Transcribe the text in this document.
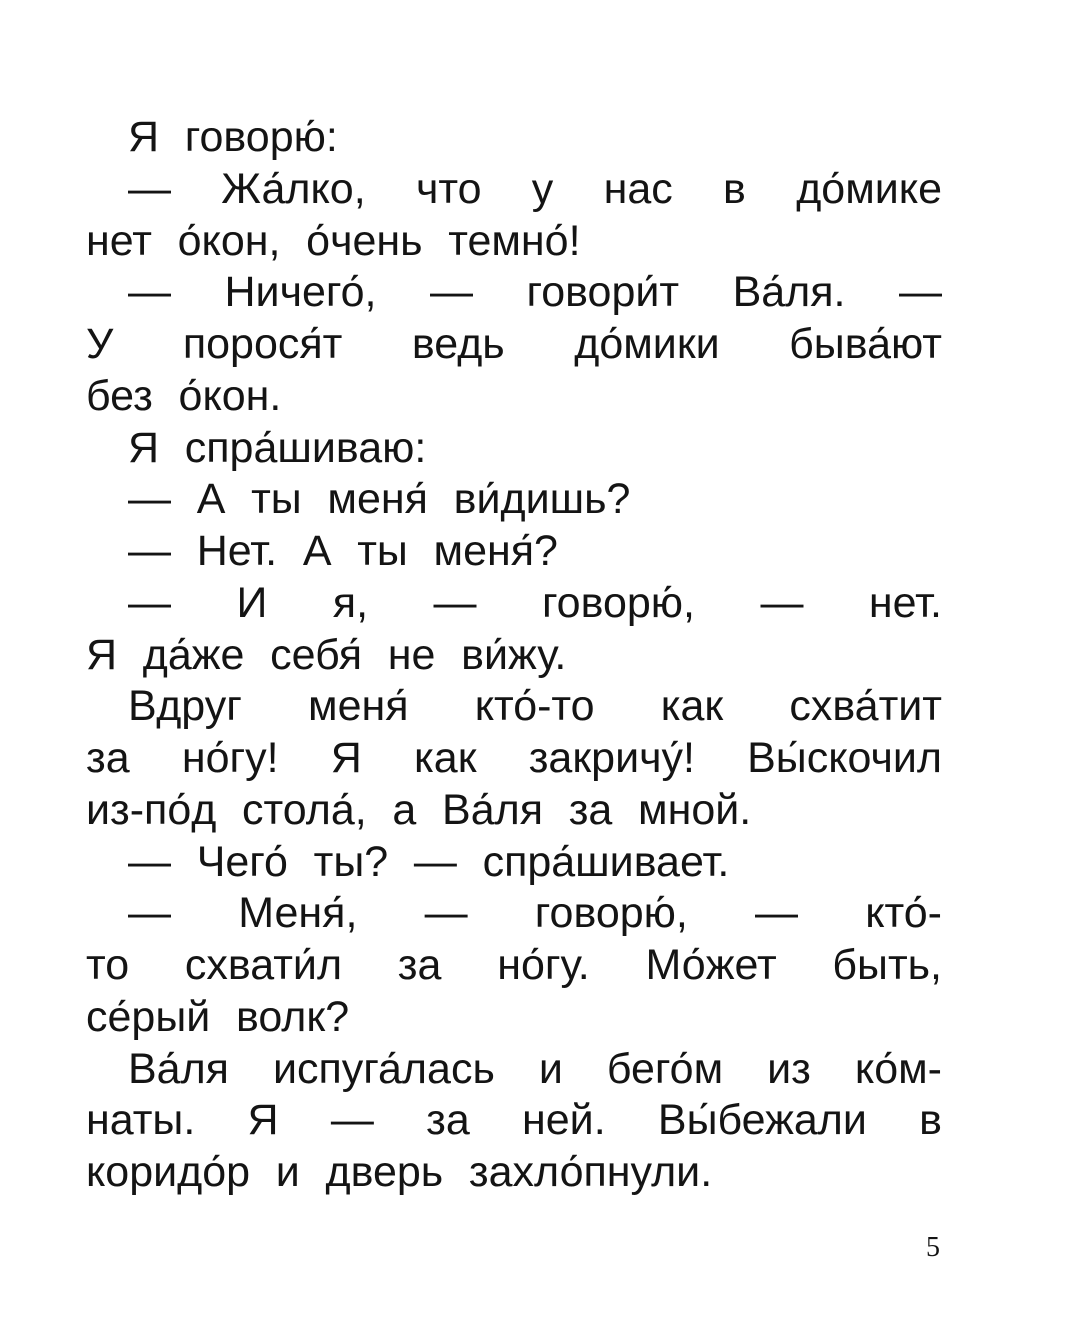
Я говорю́:
— Жа́лко, что у нас в до́мике
нет о́кон, о́чень темно́!
— Ничего́, — говори́т Ва́ля. —
У порося́т ведь до́мики быва́ют
без о́кон.
Я спра́шиваю:
— А ты меня́ ви́дишь?
— Нет. А ты меня́?
— И я, — говорю́, — нет.
Я да́же себя́ не ви́жу.
Вдруг меня́ кто́-то как схва́тит
за но́гу! Я как закричу́! Вы́скочил
из-по́д стола́, а Ва́ля за мной.
— Чего́ ты? — спра́шивает.
— Меня́, — говорю́, — кто́-
то схвати́л за но́гу. Мо́жет быть,
се́рый волк?
Ва́ля испуга́лась и бего́м из ко́м-
наты. Я — за ней. Вы́бежали в
коридо́р и дверь захло́пнули.
5
